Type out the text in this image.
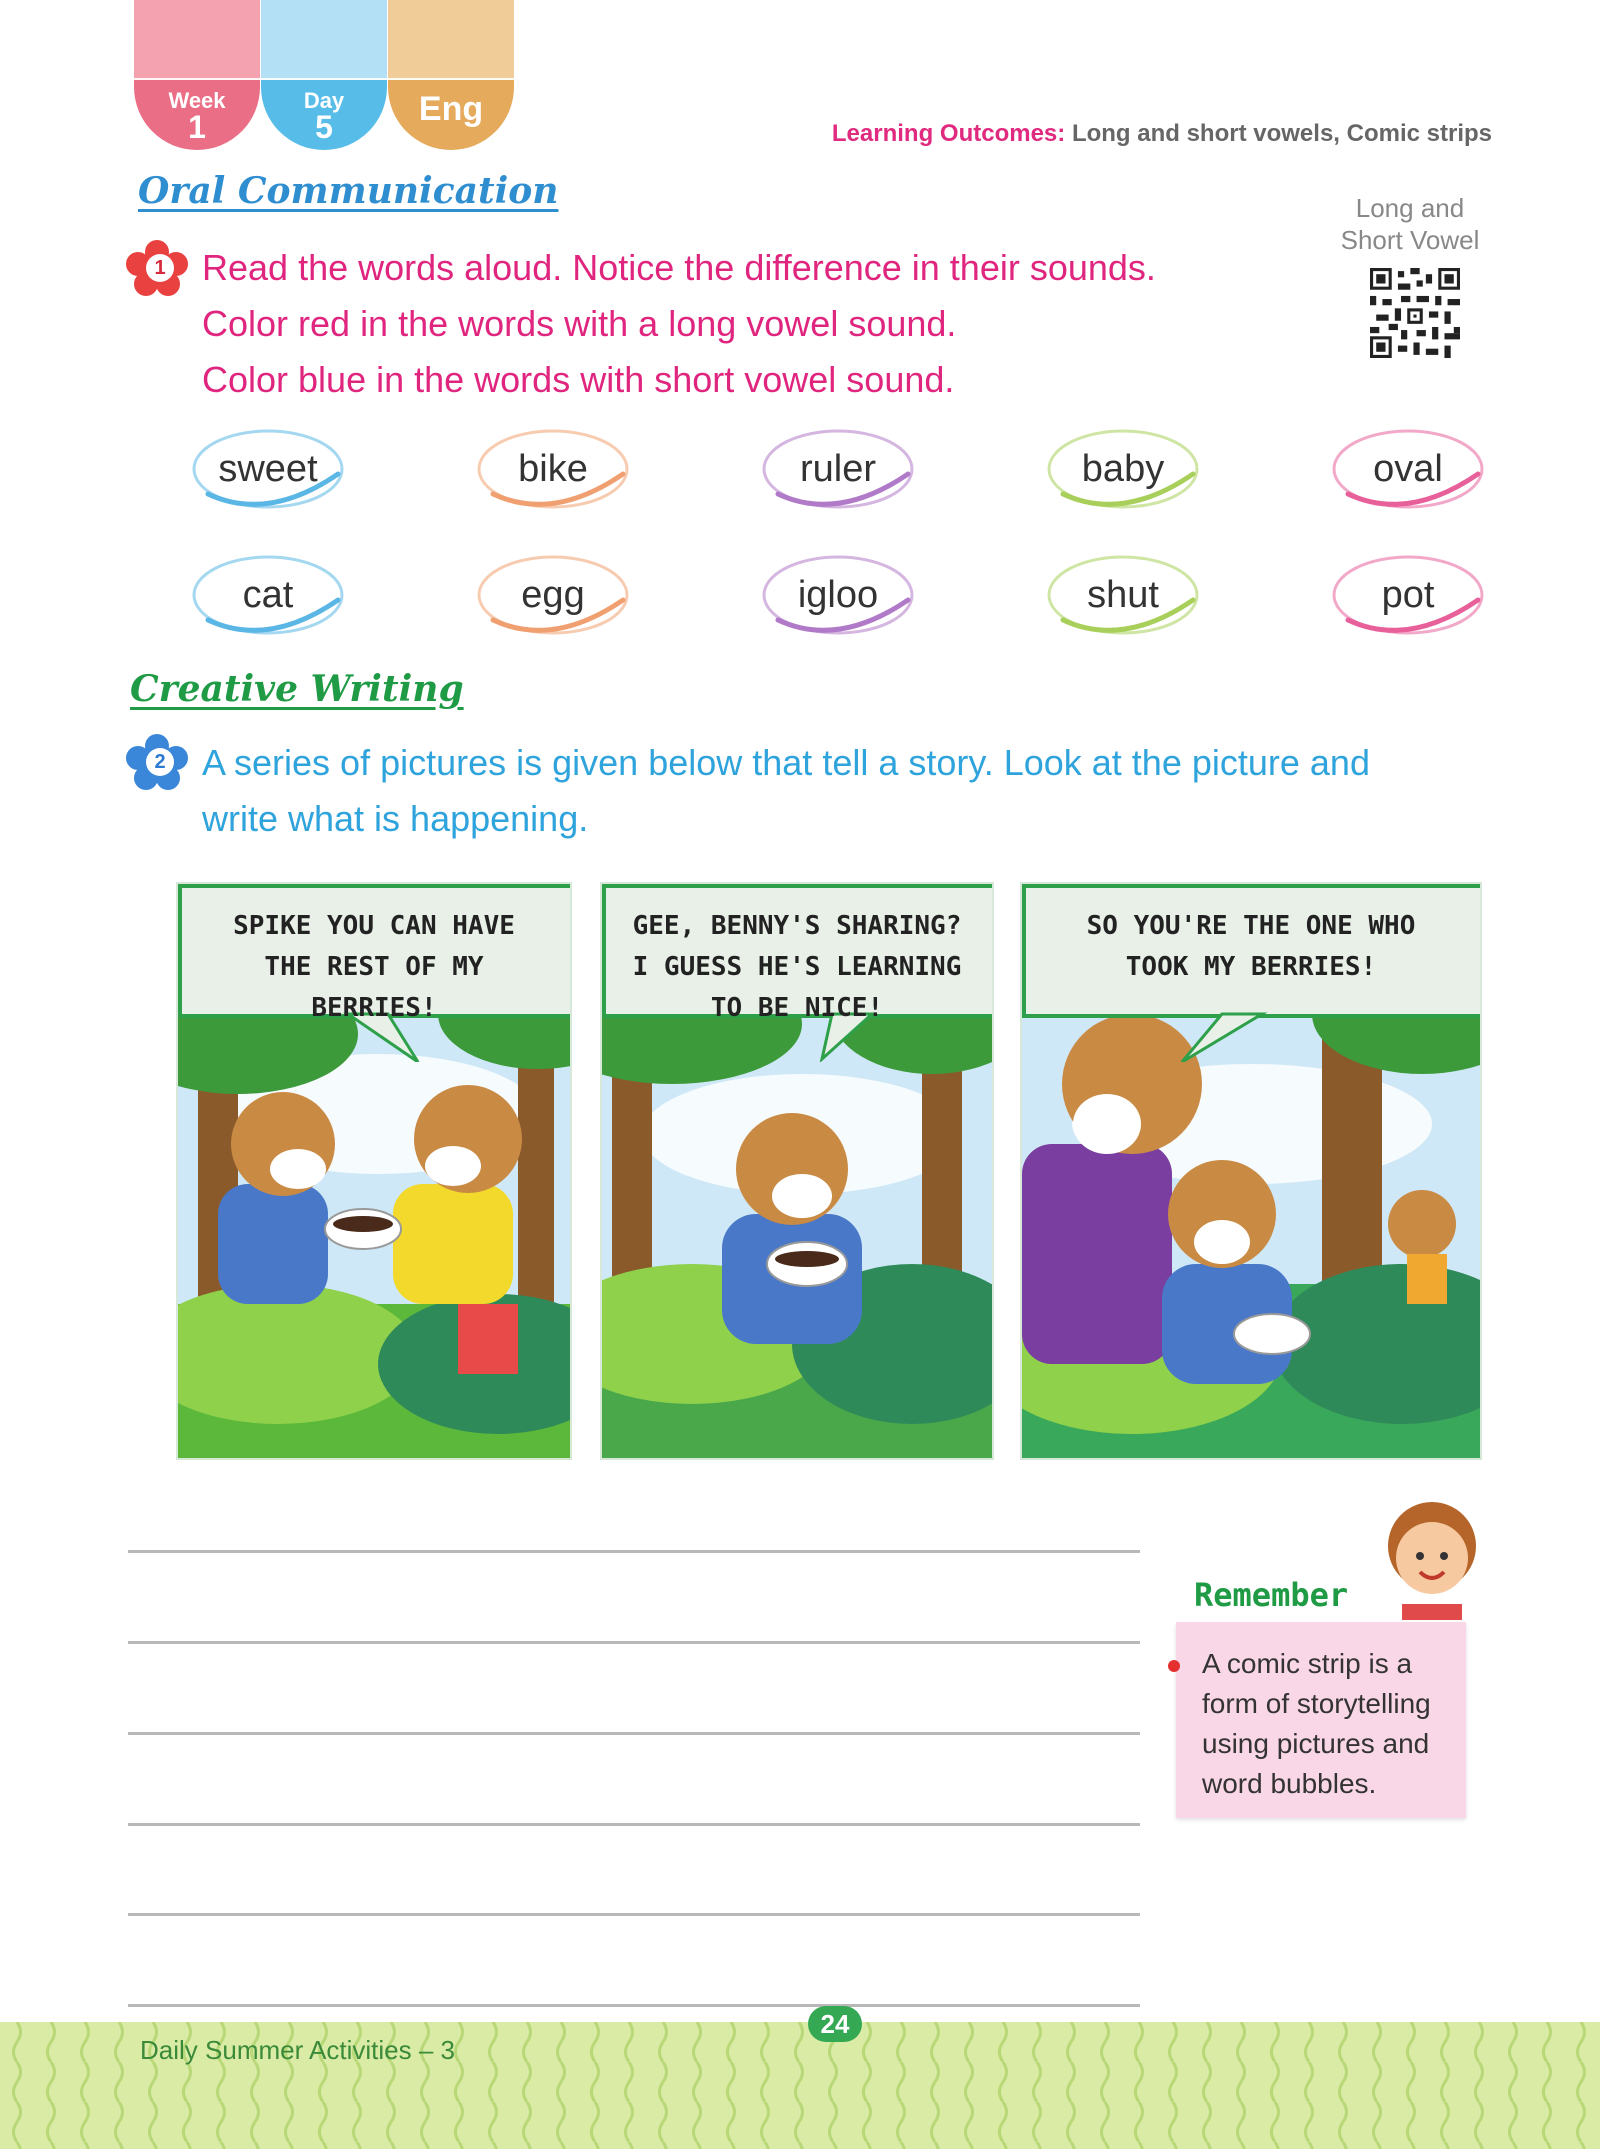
Week
1
Day
5	Eng
Learning Outcomes: Long and short vowels, Comic strips
Oral Communication	Long and
Short Vowel
1 Read the words aloud. Notice the difference in their sounds.
Color red in the words with a long vowel sound.
Color blue in the words with short vowel sound.
sweet	bike	ruler	baby	oval
cat	egg	igloo	shut	pot
Creative Writing
2 A series of pictures is given below that tell a story. Look at the picture and
write what is happening.
SPIKE YOU CAN HAVE
THE REST OF MY
BERRIES!
GEE, BENNY'S SHARING?
I GUESS HE'S LEARNING
TO BE NICE!
SO YOU'RE THE ONE WHO
TOOK MY BERRIES!
Remember
A comic strip is a
form of storytelling
using pictures and
word bubbles.
Daily Summer Activities – 3
24
